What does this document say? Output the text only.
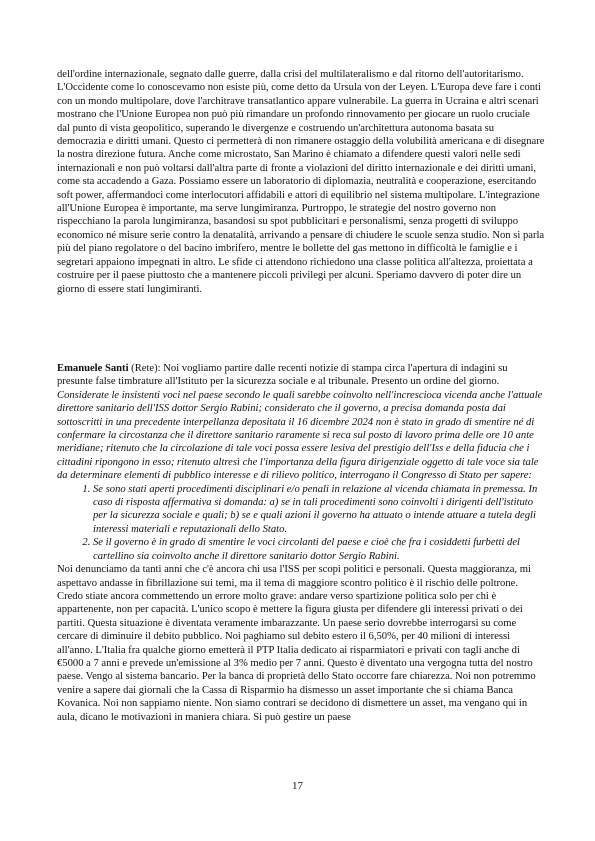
dell'ordine internazionale, segnato dalle guerre, dalla crisi del multilateralismo e dal ritorno dell'autoritarismo. L'Occidente come lo conoscevamo non esiste più, come detto da Ursula von der Leyen. L'Europa deve fare i conti con un mondo multipolare, dove l'architrave transatlantico appare vulnerabile. La guerra in Ucraina e altri scenari mostrano che l'Unione Europea non può più rimandare un profondo rinnovamento per giocare un ruolo cruciale dal punto di vista geopolitico, superando le divergenze e costruendo un'architettura autonoma basata su democrazia e diritti umani. Questo ci permetterà di non rimanere ostaggio della volubilità americana e di disegnare la nostra direzione futura. Anche come microstato, San Marino è chiamato a difendere questi valori nelle sedi internazionali e non può voltarsi dall'altra parte di fronte a violazioni del diritto internazionale e dei diritti umani, come sta accadendo a Gaza. Possiamo essere un laboratorio di diplomazia, neutralità e cooperazione, esercitando soft power, affermandoci come interlocutori affidabili e attori di equilibrio nel sistema multipolare. L'integrazione all'Unione Europea è importante, ma serve lungimiranza. Purtroppo, le strategie del nostro governo non rispecchiano la parola lungimiranza, basandosi su spot pubblicitari e personalismi, senza progetti di sviluppo economico né misure serie contro la denatalità, arrivando a pensare di chiudere le scuole senza studio. Non si parla più del piano regolatore o del bacino imbrifero, mentre le bollette del gas mettono in difficoltà le famiglie e i segretari appaiono impegnati in altro. Le sfide ci attendono richiedono una classe politica all'altezza, proiettata a costruire per il paese piuttosto che a mantenere piccoli privilegi per alcuni. Speriamo davvero di poter dire un giorno di essere stati lungimiranti.

Emanuele Santi (Rete): Noi vogliamo partire dalle recenti notizie di stampa circa l'apertura di indagini su presunte false timbrature all'Istituto per la sicurezza sociale e al tribunale. Presento un ordine del giorno.

Considerate le insistenti voci nel paese secondo le quali sarebbe coinvolto nell'increscioса vicenda anche l'attuale direttore sanitario dell'ISS dottor Sergio Rabini; considerato che il governo, a precisa domanda posta dai sottoscritti in una precedente interpellanza depositata il 16 dicembre 2024 non è stato in grado di smentire né di confermare la circostanza che il direttore sanitario raramente si reca sul posto di lavoro prima delle ore 10 ante meridiane; ritenuto che la circolazione di tale voci possa essere lesiva del prestigio dell'Iss e della fiducia che i cittadini ripongono in esso; ritenuto altresì che l'importanza della figura dirigenziale oggetto di tale voce sia tale da determinare elementi di pubblico interesse e di rilievo politico, interrogano il Congresso di Stato per sapere:

1. Se sono stati aperti procedimenti disciplinari e/o penali in relazione al vicenda chiamata in premessa. In caso di risposta affermativa si domanda: a) se in tali procedimenti sono coinvolti i dirigenti dell'istituto per la sicurezza sociale e quali; b) se e quali azioni il governo ha attuato o intende attuare a tutela degli interessi materiali e reputazionali dello Stato.
2. Se il governo è in grado di smentire le voci circolanti del paese e cioè che fra i cosiddetti furbetti del cartellino sia coinvolto anche il direttore sanitario dottor Sergio Rabini.

Noi denunciamo da tanti anni che c'è ancora chi usa l'ISS per scopi politici e personali. Questa maggioranza, mi aspettavo andasse in fibrillazione sui temi, ma il tema di maggiore scontro politico è il rischio delle poltrone. Credo stiate ancora commettendo un errore molto grave: andare verso spartizione politica solo per chi è appartenente, non per capacità. L'unico scopo è mettere la figura giusta per difendere gli interessi privati o dei partiti. Questa situazione è diventata veramente imbarazzante. Un paese serio dovrebbe interrogarsi su come cercare di diminuire il debito pubblico. Noi paghiamo sul debito estero il 6,50%, per 40 milioni di interessi all'anno. L'Italia fra qualche giorno emetterà il PTP Italia dedicato ai risparmiatori e privati con tagli anche di €5000 a 7 anni e prevede un'emissione al 3% medio per 7 anni. Questo è diventato una vergogna tutta del nostro paese. Vengo al sistema bancario. Per la banca di proprietà dello Stato occorre fare chiarezza. Noi non potremmo venire a sapere dai giornali che la Cassa di Risparmio ha dismesso un asset importante che si chiama Banca Kovanica. Noi non sappiamo niente. Non siamo contrari se decidono di dismettere un asset, ma vengano qui in aula, dicano le motivazioni in maniera chiara. Si può gestire un paese

17
